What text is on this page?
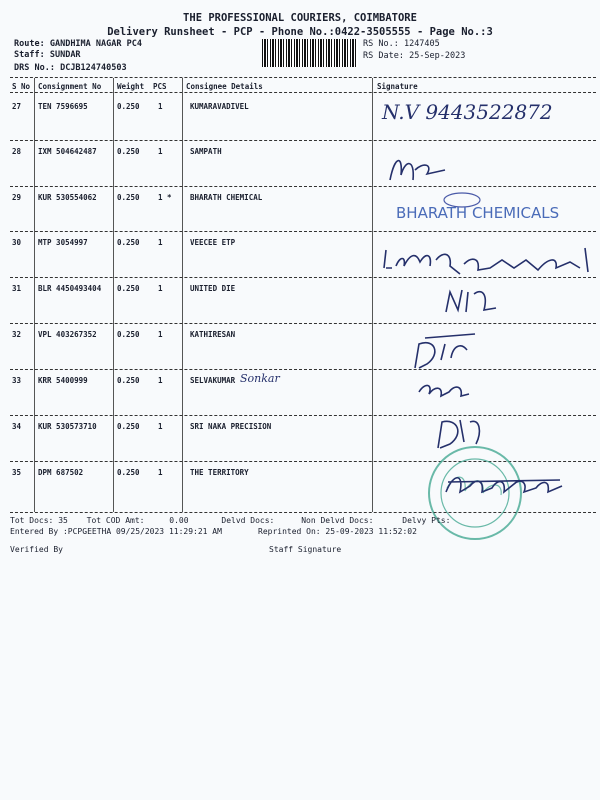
THE PROFESSIONAL COURIERS, COIMBATORE
Delivery Runsheet - PCP - Phone No.:0422-3505555 - Page No.:3
Route: GANDHIMA NAGAR PC4
Staff: SUNDAR
DRS No.: DCJB124740503
RS No.: 1247405
RS Date: 25-Sep-2023
S No Consignment No Weight PCS	Consignee Details	Signature
27 TEN 7596695	0.250 1	KUMARAVADIVEL
28 IXM 504642487	0.250 1	SAMPATH
29 KUR 530554062	0.250 1 * BHARATH CHEMICAL
30 MTP 3054997	0.250 1	VEECEE ETP
31 BLR 4450493404 0.250 1	UNITED DIE
32 VPL 403267352	0.250 1	KATHIRESAN
33 KRR 5400999	0.250 1	SELVAKUMAR
34 KUR 530573710	0.250 1	SRI NAKA PRECISION
35 DPM 687502	0.250 1	THE TERRITORY
N.V 9443522872
BHARATH CHEMICALS
Sonkar
Tot Docs: 35 Tot COD Amt:	0.00	Delvd Docs:	Non Delvd Docs:	Delvy Pts:
Entered By :PCPGEETHA 09/25/2023 11:29:21 AM	Reprinted On: 25-09-2023 11:52:02
Verified By	Staff Signature
